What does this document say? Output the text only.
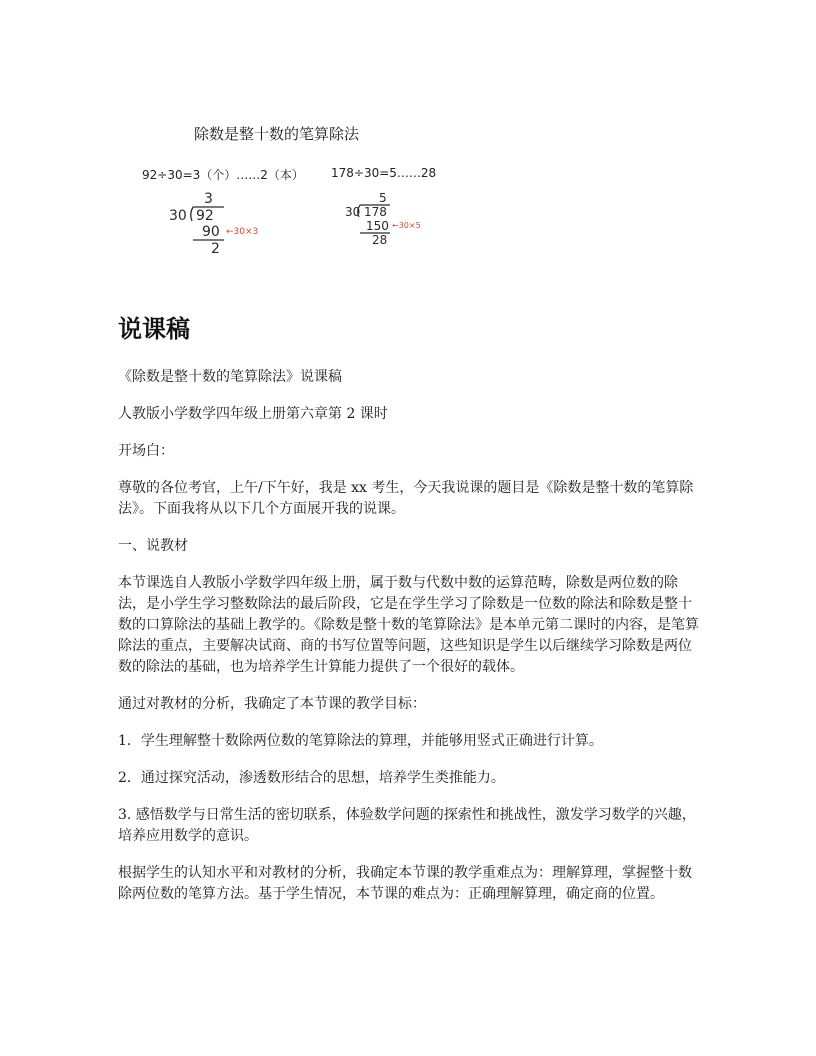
除数是整十数的笔算除法
92÷30=3（个）……2（本） 178÷30=5……28
3
30 92
90
2
←30×3
5
30 178
150
28
←30×5
说课稿

《除数是整十数的笔算除法》说课稿

人教版小学数学四年级上册第六章第 2 课时

开场白：

尊敬的各位考官，上午/下午好，我是 xx 考生，今天我说课的题目是《除数是整十数的笔算除法》。下面我将从以下几个方面展开我的说课。

一、说教材

本节课选自人教版小学数学四年级上册，属于数与代数中数的运算范畴，除数是两位数的除法，是小学生学习整数除法的最后阶段，它是在学生学习了除数是一位数的除法和除数是整十数的口算除法的基础上教学的。《除数是整十数的笔算除法》是本单元第二课时的内容，是笔算除法的重点，主要解决试商、商的书写位置等问题，这些知识是学生以后继续学习除数是两位数的除法的基础，也为培养学生计算能力提供了一个很好的载体。

通过对教材的分析，我确定了本节课的教学目标：

1．学生理解整十数除两位数的笔算除法的算理，并能够用竖式正确进行计算。

2．通过探究活动，渗透数形结合的思想，培养学生类推能力。

3. 感悟数学与日常生活的密切联系，体验数学问题的探索性和挑战性，激发学习数学的兴趣，培养应用数学的意识。

根据学生的认知水平和对教材的分析，我确定本节课的教学重难点为：理解算理，掌握整十数除两位数的笔算方法。基于学生情况，本节课的难点为：正确理解算理，确定商的位置。
